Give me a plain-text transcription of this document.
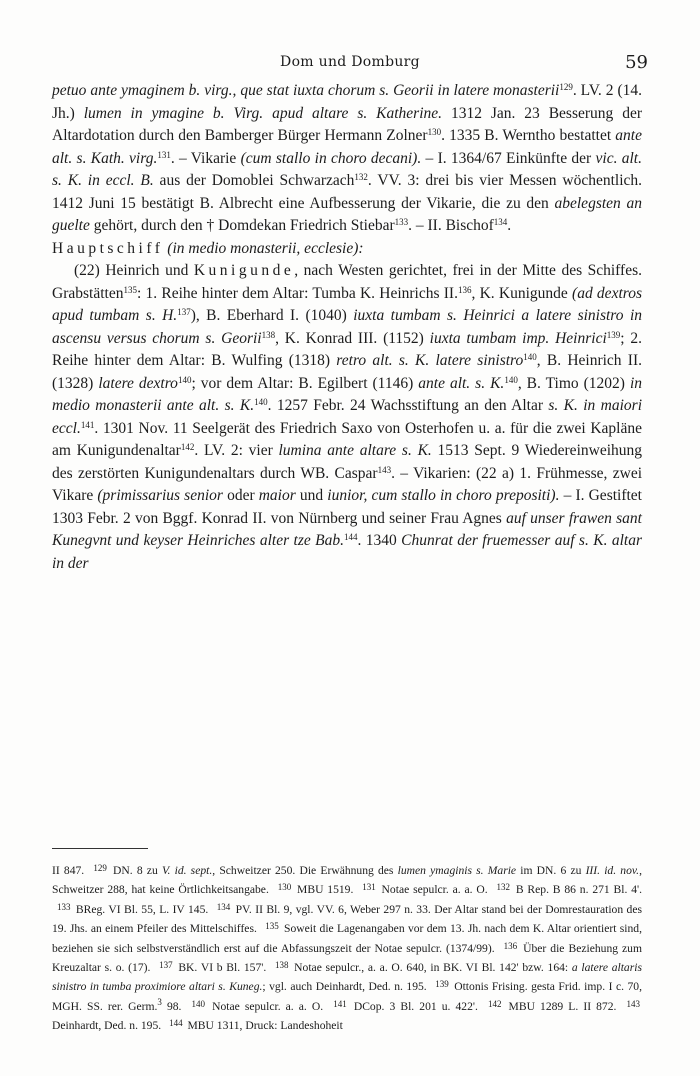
Dom und Domburg	59

petuo ante ymaginem b. virg., que stat iuxta chorum s. Georii in latere monasterii$^{129}$. LV. 2 (14. Jh.) lumen in ymagine b. Virg. apud altare s. Katherine. 1312 Jan. 23 Besserung der Altardotation durch den Bamberger Bürger Hermann Zolner$^{130}$. 1335 B. Werntho bestattet ante alt. s. Kath. virg.$^{131}$. – Vikarie (cum stallo in choro decani). – I. 1364/67 Einkünfte der vic. alt. s. K. in eccl. B. aus der Domoblei Schwarzach$^{132}$. VV. 3: drei bis vier Messen wöchentlich. 1412 Juni 15 bestätigt B. Albrecht eine Aufbesserung der Vikarie, die zu den abelegsten an guelte gehört, durch den † Domdekan Friedrich Stiebar$^{133}$. – II. Bischof$^{134}$.

Hauptschiff (in medio monasterii, ecclesie):

(22) Heinrich und Kunigunde, nach Westen gerichtet, frei in der Mitte des Schiffes. Grabstätten$^{135}$: 1. Reihe hinter dem Altar: Tumba K. Heinrichs II.$^{136}$, K. Kunigunde (ad dextros apud tumbam s. H.$^{137}$), B. Eberhard I. (1040) iuxta tumbam s. Heinrici a latere sinistro in ascensu versus chorum s. Georii$^{138}$, K. Konrad III. (1152) iuxta tumbam imp. Heinrici$^{139}$; 2. Reihe hinter dem Altar: B. Wulfing (1318) retro alt. s. K. latere sinistro$^{140}$, B. Heinrich II. (1328) latere dextro$^{140}$; vor dem Altar: B. Egilbert (1146) ante alt. s. K.$^{140}$, B. Timo (1202) in medio monasterii ante alt. s. K.$^{140}$. 1257 Febr. 24 Wachsstiftung an den Altar s. K. in maiori eccl.$^{141}$. 1301 Nov. 11 Seelgerät des Friedrich Saxo von Osterhofen u. a. für die zwei Kapläne am Kunigundenaltar$^{142}$. LV. 2: vier lumina ante altare s. K. 1513 Sept. 9 Wiedereinweihung des zerstörten Kunigundenaltars durch WB. Caspar$^{143}$. – Vikarien: (22 a) 1. Frühmesse, zwei Vikare (primissarius senior oder maior und iunior, cum stallo in choro prepositi). – I. Gestiftet 1303 Febr. 2 von Bggf. Konrad II. von Nürnberg und seiner Frau Agnes auf unser frawen sant Kunegvnt und keyser Heinriches alter tze Bab.$^{144}$. 1340 Chunrat der fruemesser auf s. K. altar in der

II 847. $^{129}$ DN. 8 zu V. id. sept., Schweitzer 250. Die Erwähnung des lumen ymaginis s. Marie im DN. 6 zu III. id. nov., Schweitzer 288, hat keine Örtlichkeitsangabe. $^{130}$ MBU 1519. $^{131}$ Notae sepulcr. a. a. O. $^{132}$ B Rep. B 86 n. 271 Bl. 4'. $^{133}$ BReg. VI Bl. 55, L. IV 145. $^{134}$ PV. II Bl. 9, vgl. VV. 6, Weber 297 n. 33. Der Altar stand bei der Domrestauration des 19. Jhs. an einem Pfeiler des Mittelschiffes. $^{135}$ Soweit die Lagenangaben vor dem 13. Jh. nach dem K. Altar orientiert sind, beziehen sie sich selbstverständlich erst auf die Abfassungszeit der Notae sepulcr. (1374/99). $^{136}$ Über die Beziehung zum Kreuzaltar s. o. (17). $^{137}$ BK. VI b Bl. 157'. $^{138}$ Notae sepulcr., a. a. O. 640, in BK. VI Bl. 142' bzw. 164: a latere altaris sinistro in tumba proximiore altari s. Kuneg.; vgl. auch Deinhardt, Ded. n. 195. $^{139}$ Ottonis Frising. gesta Frid. imp. I c. 70, MGH. SS. rer. Germ.$^3$ 98. $^{140}$ Notae sepulcr. a. a. O. $^{141}$ DCop. 3 Bl. 201 u. 422'. $^{142}$ MBU 1289 L. II 872. $^{143}$ Deinhardt, Ded. n. 195. $^{144}$ MBU 1311, Druck: Landeshoheit
